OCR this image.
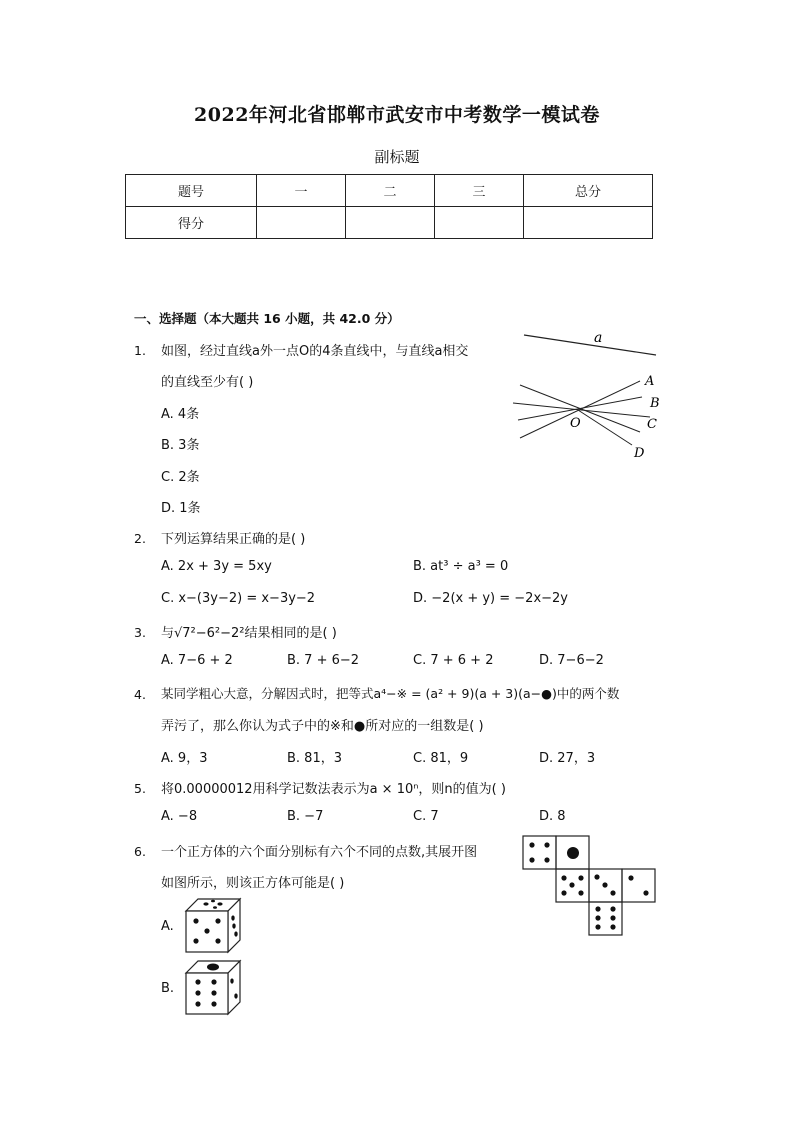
2022年河北省邯郸市武安市中考数学一模试卷
副标题
题号	一	二	三	总分
得分				
一、选择题（本大题共 16 小题，共 42.0 分）
1. 如图，经过直线a外一点O的4条直线中，与直线a相交
的直线至少有( )
A. 4条
B. 3条
C. 2条
D. 1条
a
O
A
B
C
D
2. 下列运算结果正确的是( )
A. 2x + 3y = 5xy	B. at³ ÷ a³ = 0
C. x−(3y−2) = x−3y−2	D. −2(x + y) = −2x−2y
3. 与√7²−6²−2²结果相同的是( )
A. 7−6 + 2	B. 7 + 6−2	C. 7 + 6 + 2	D. 7−6−2
4. 某同学粗心大意，分解因式时，把等式a⁴−※ = (a² + 9)(a + 3)(a−●)中的两个数
弄污了，那么你认为式子中的※和●所对应的一组数是( )
A. 9，3	B. 81，3	C. 81，9	D. 27，3
5. 将0.00000012用科学记数法表示为a × 10ⁿ，则n的值为( )
A. −8	B. −7	C. 7	D. 8
6. 一个正方体的六个面分别标有六个不同的点数,其展开图
如图所示，则该正方体可能是( )
A.
B.
